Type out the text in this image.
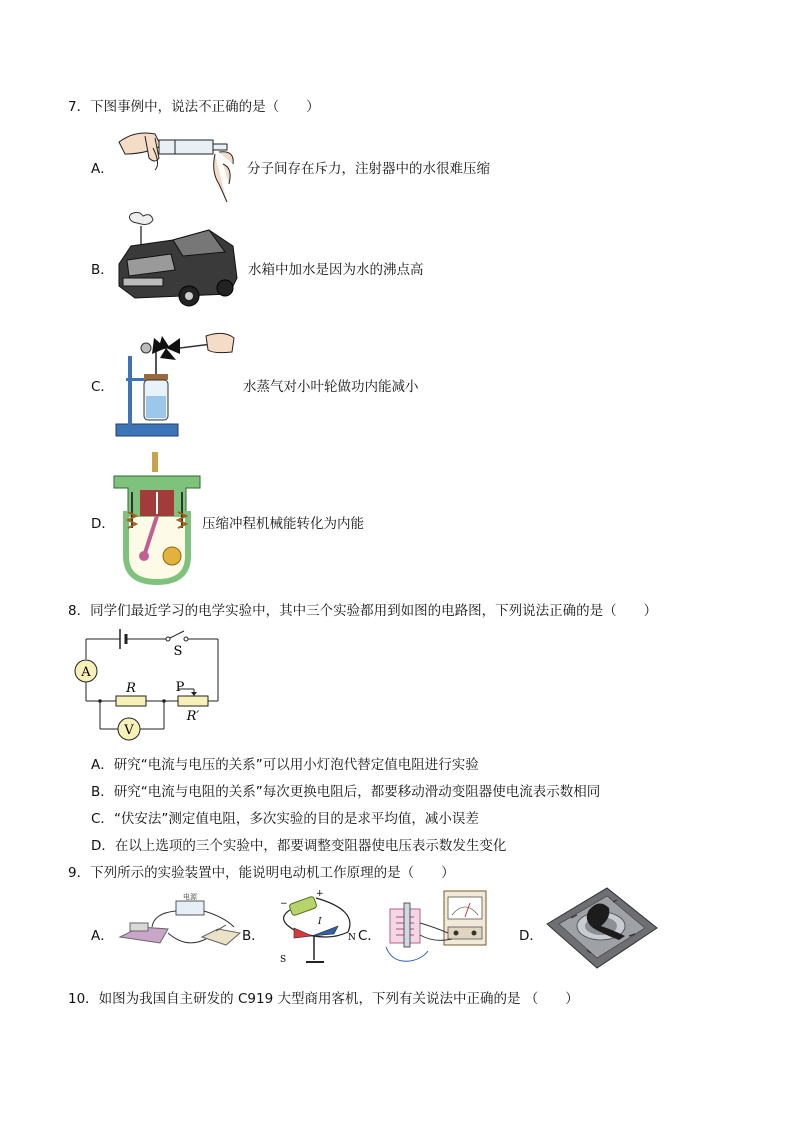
7．下图事例中，说法不正确的是（　　）
A．	分子间存在斥力，注射器中的水很难压缩
B．	水箱中加水是因为水的沸点高
C．	水蒸气对小叶轮做功内能减小
D．	压缩冲程机械能转化为内能
8．同学们最近学习的电学实验中，其中三个实验都用到如图的电路图，下列说法正确的是（　　）
A
V
S
R	P
R′
A．研究“电流与电压的关系”可以用小灯泡代替定值电阻进行实验
B．研究“电流与电阻的关系”每次更换电阻后，都要移动滑动变阻器使电流表示数相同
C．“伏安法”测定值电阻，多次实验的目的是求平均值，减小误差
D．在以上选项的三个实验中，都要调整变阻器使电压表示数发生变化
9．下列所示的实验装置中，能说明电动机工作原理的是（　　）
A．
电源
B．
+
−
I
S
N C．	D．
10．如图为我国自主研发的 C919 大型商用客机，下列有关说法中正确的是 （　　）
